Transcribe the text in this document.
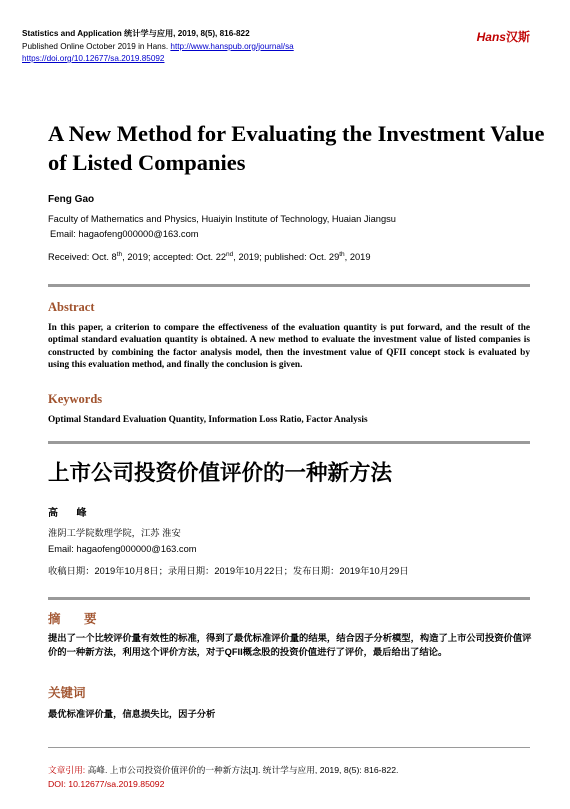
Statistics and Application 统计学与应用, 2019, 8(5), 816-822
Published Online October 2019 in Hans. http://www.hanspub.org/journal/sa
https://doi.org/10.12677/sa.2019.85092
Hans汉斯
A New Method for Evaluating the Investment Value of Listed Companies
Feng Gao
Faculty of Mathematics and Physics, Huaiyin Institute of Technology, Huaian Jiangsu
Email: hagaofeng000000@163.com
Received: Oct. 8th, 2019; accepted: Oct. 22nd, 2019; published: Oct. 29th, 2019
Abstract
In this paper, a criterion to compare the effectiveness of the evaluation quantity is put forward, and the result of the optimal standard evaluation quantity is obtained. A new method to evaluate the investment value of listed companies is constructed by combining the factor analysis model, then the investment value of QFII concept stock is evaluated by using this evaluation method, and finally the conclusion is given.
Keywords
Optimal Standard Evaluation Quantity, Information Loss Ratio, Factor Analysis
上市公司投资价值评价的一种新方法
高 峰
淮阴工学院数理学院，江苏 淮安
Email: hagaofeng000000@163.com
收稿日期：2019年10月8日；录用日期：2019年10月22日；发布日期：2019年10月29日
摘 要
提出了一个比较评价量有效性的标准，得到了最优标准评价量的结果，结合因子分析模型，构造了上市公司投资价值评价的一种新方法，利用这个评价方法，对于QFII概念股的投资价值进行了评价，最后给出了结论。
关键词
最优标准评价量，信息损失比，因子分析
文章引用: 高峰. 上市公司投资价值评价的一种新方法[J]. 统计学与应用, 2019, 8(5): 816-822.
DOI: 10.12677/sa.2019.85092
